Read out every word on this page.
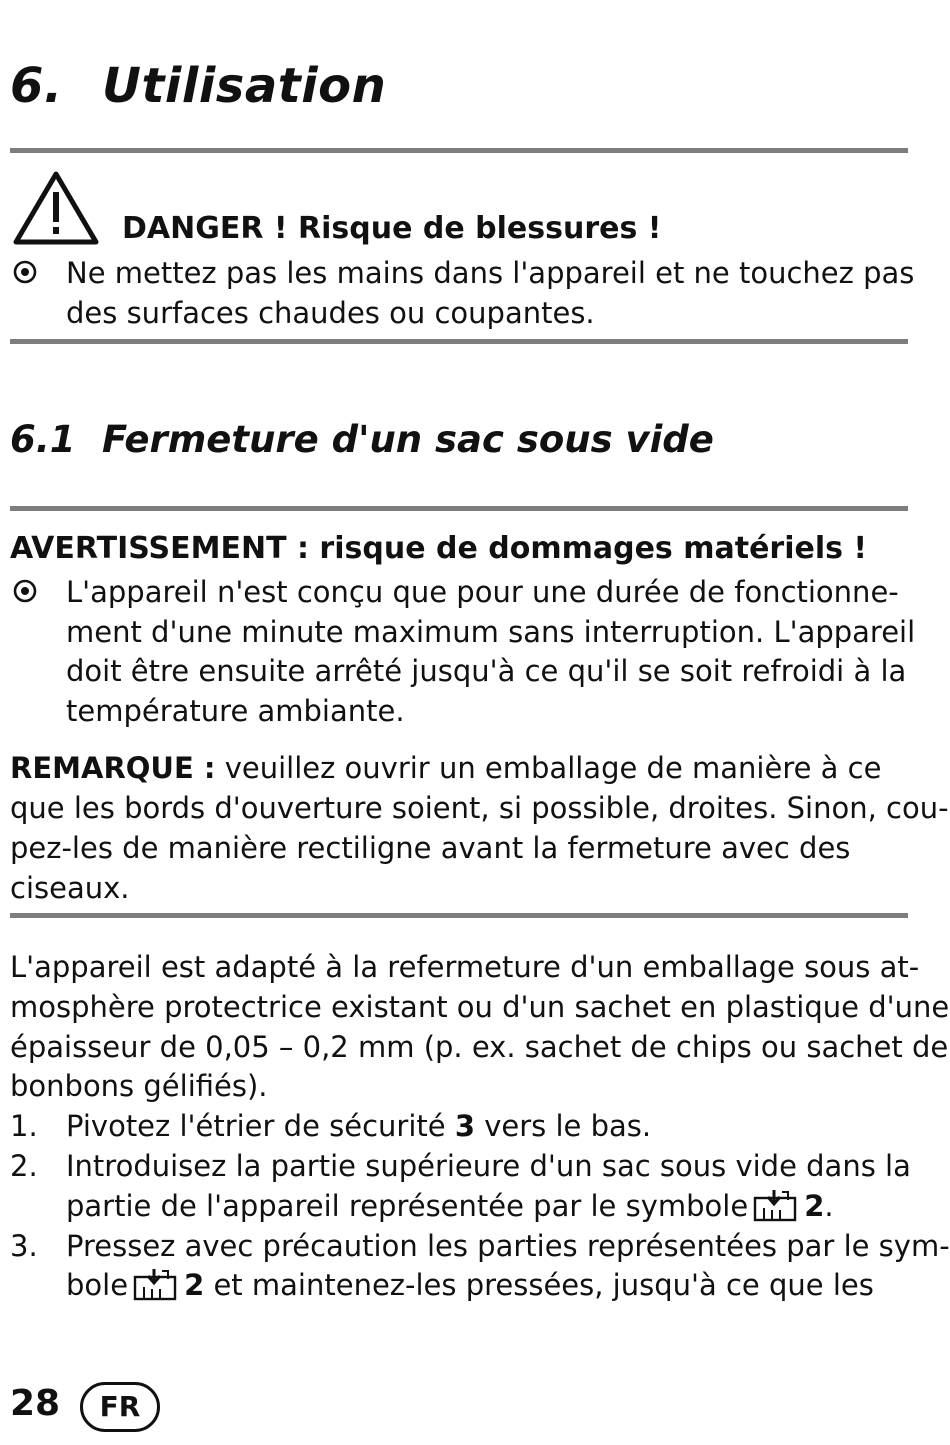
6. Utilisation
DANGER ! Risque de blessures !
Ne mettez pas les mains dans l'appareil et ne touchez pas
des surfaces chaudes ou coupantes.
6.1 Fermeture d'un sac sous vide
AVERTISSEMENT : risque de dommages matériels !
L'appareil n'est conçu que pour une durée de fonctionne-
ment d'une minute maximum sans interruption. L'appareil
doit être ensuite arrêté jusqu'à ce qu'il se soit refroidi à la
température ambiante.
REMARQUE : veuillez ouvrir un emballage de manière à ce
que les bords d'ouverture soient, si possible, droites. Sinon, cou-
pez-les de manière rectiligne avant la fermeture avec des
ciseaux.
L'appareil est adapté à la refermeture d'un emballage sous at-
mosphère protectrice existant ou d'un sachet en plastique d'une
épaisseur de 0,05 – 0,2 mm (p. ex. sachet de chips ou sachet de
bonbons gélifiés).
1. Pivotez l'étrier de sécurité 3 vers le bas.
2. Introduisez la partie supérieure d'un sac sous vide dans la
partie de l'appareil représentée par le symbole 2.
3. Pressez avec précaution les parties représentées par le sym-
bole 2 et maintenez-les pressées, jusqu'à ce que les
28	FR
